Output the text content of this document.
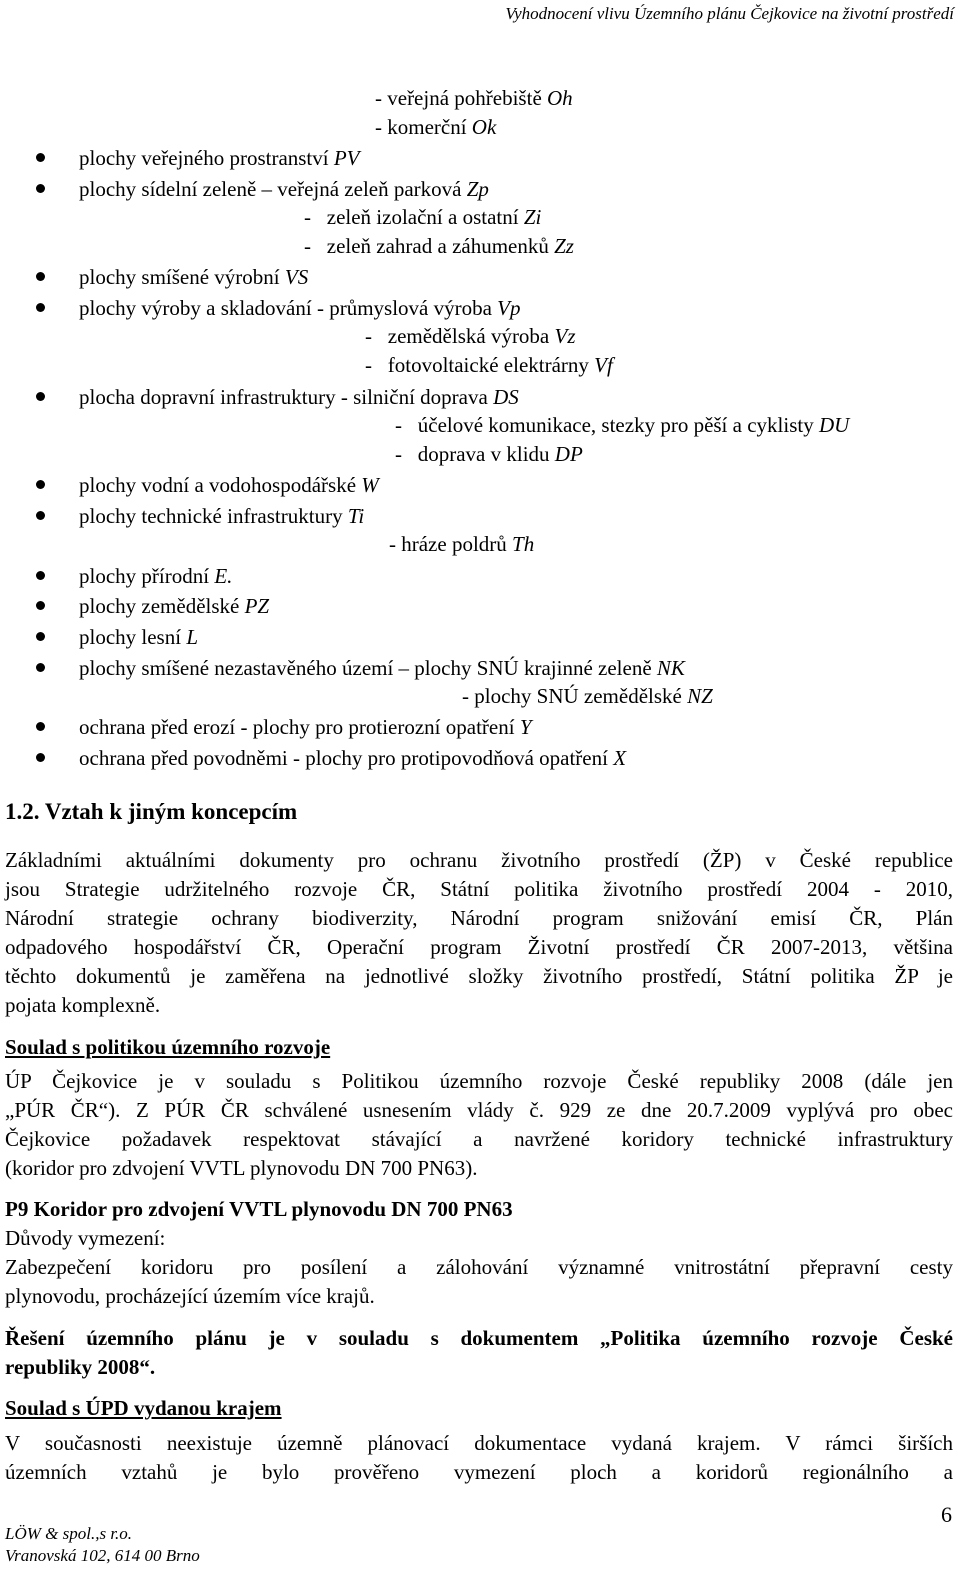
Vyhodnocení vlivu Územního plánu Čejkovice na životní prostředí
- veřejná pohřebiště Oh
- komerční Ok
plochy veřejného prostranství PV
plochy sídelní zeleně – veřejná zeleň parková Zp
-   zeleň izolační a ostatní Zi
-   zeleň zahrad a záhumenků Zz
plochy smíšené výrobní VS
plochy výroby a skladování - průmyslová výroba Vp
-   zemědělská výroba Vz
-   fotovoltaické elektrárny Vf
plocha dopravní infrastruktury - silniční doprava DS
-   účelové komunikace, stezky pro pěší a cyklisty DU
-   doprava v klidu DP
plochy vodní a vodohospodářské W
plochy technické infrastruktury Ti
- hráze poldrů Th
plochy přírodní E.
plochy zemědělské PZ
plochy lesní L
plochy smíšené nezastavěného území – plochy SNÚ krajinné zeleně NK
- plochy SNÚ zemědělské NZ
ochrana před erozí - plochy pro protierozní opatření Y
ochrana před povodněmi - plochy pro protipovodňová opatření X
1.2. Vztah k jiným koncepcím
Základními aktuálními dokumenty pro ochranu životního prostředí (ŽP) v České republice
jsou Strategie udržitelného rozvoje ČR, Státní politika životního prostředí 2004 - 2010,
Národní strategie ochrany biodiverzity, Národní program snižování emisí ČR, Plán
odpadového hospodářství ČR, Operační program Životní prostředí ČR 2007-2013, většina
těchto dokumentů je zaměřena na jednotlivé složky životního prostředí, Státní politika ŽP je
pojata komplexně.
Soulad s politikou územního rozvoje
ÚP Čejkovice je v souladu s Politikou územního rozvoje České republiky 2008 (dále jen
„PÚR ČR“). Z PÚR ČR schválené usnesením vlády č. 929 ze dne 20.7.2009 vyplývá pro obec
Čejkovice požadavek respektovat stávající a navržené koridory technické infrastruktury
(koridor pro zdvojení VVTL plynovodu DN 700 PN63).
P9 Koridor pro zdvojení VVTL plynovodu DN 700 PN63
Důvody vymezení:
Zabezpečení koridoru pro posílení a zálohování významné vnitrostátní přepravní cesty
plynovodu, procházející územím více krajů.
Řešení územního plánu je v souladu s dokumentem „Politika územního rozvoje České
republiky 2008“.
Soulad s ÚPD vydanou krajem
V současnosti neexistuje územně plánovací dokumentace vydaná krajem. V rámci širších
územních vztahů je bylo prověřeno vymezení ploch a koridorů regionálního a
LÖW & spol.,s r.o.
Vranovská 102, 614 00 Brno
6
